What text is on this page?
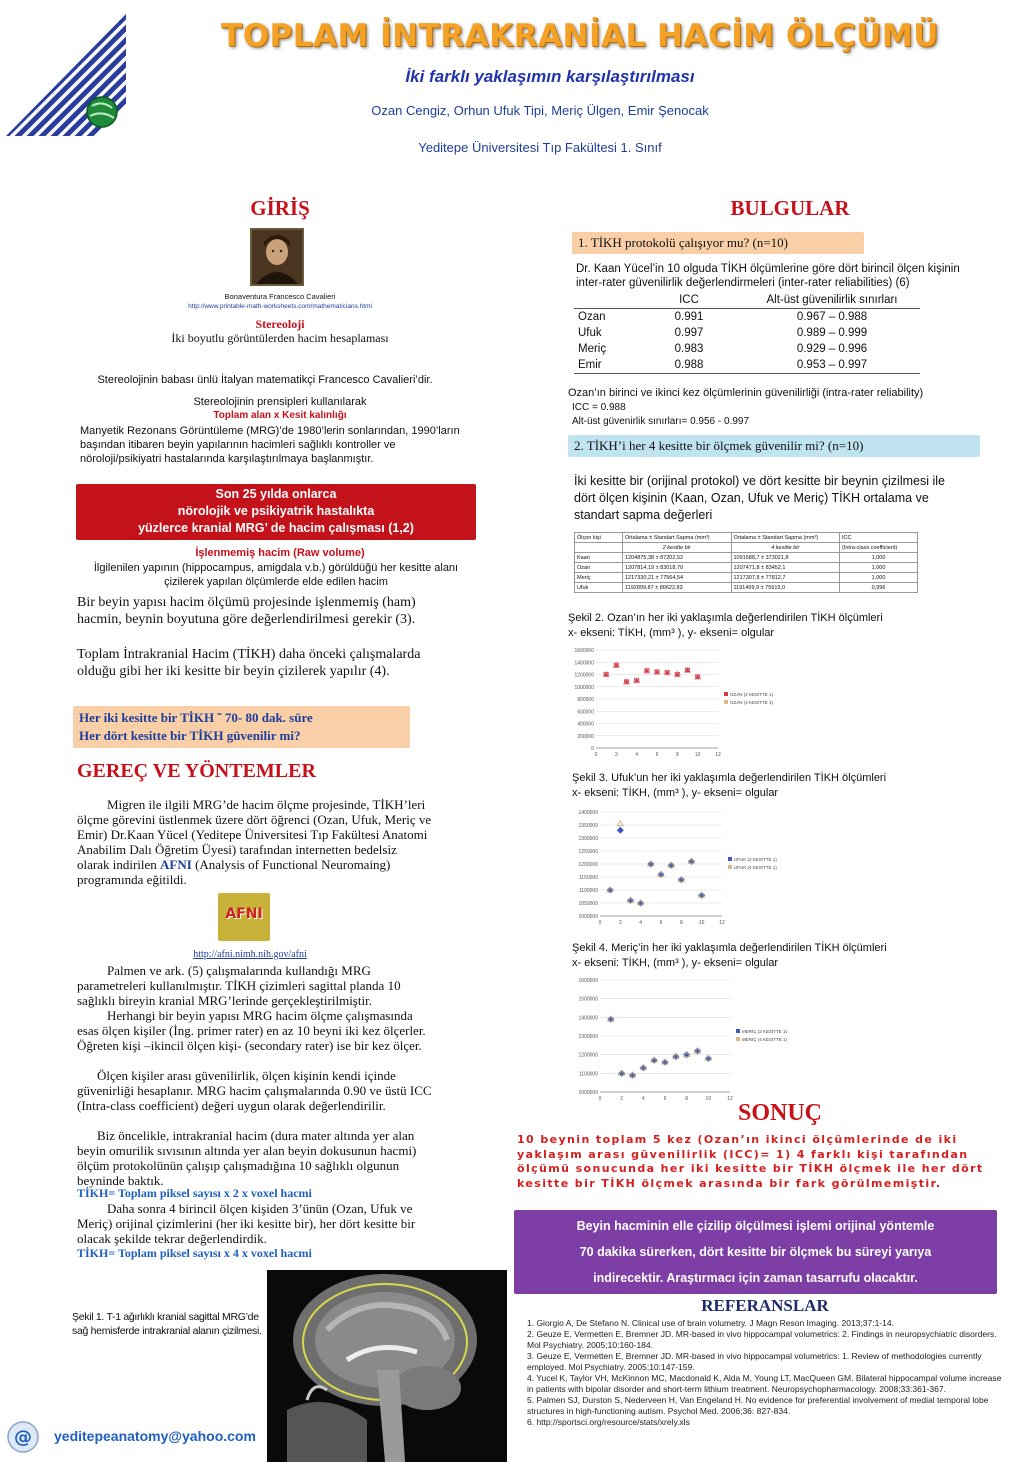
TOPLAM İNTRAKRANİAL HACİM ÖLÇÜMÜ
İki farklı yaklaşımın karşılaştırılması
Ozan Cengiz, Orhun Ufuk Tipi, Meriç Ülgen, Emir Şenocak
Yeditepe Üniversitesi Tıp Fakültesi 1. Sınıf
GİRİŞ
Bonaventura Francesco Cavalieri
http://www.printable-math-worksheets.com/mathematicians.html
Stereoloji
İki boyutlu görüntülerden hacim hesaplaması
Stereolojinin babası ünlü İtalyan matematikçi Francesco Cavalieri’dir.
Stereolojinin prensipleri kullanılarak
Toplam alan x Kesit kalınlığı
Manyetik Rezonans Görüntüleme (MRG)’de 1980’lerin sonlarından, 1990’ların başından itibaren beyin yapılarının hacimleri sağlıklı kontroller ve nöroloji/psikiyatri hastalarında karşılaştırılmaya başlanmıştır.
Son 25 yılda onlarca
nörolojik ve psikiyatrik hastalıkta
yüzlerce kranial MRG’ de hacim çalışması (1,2)
İşlenmemiş hacim (Raw volume)
İlgilenilen yapının (hippocampus, amigdala v.b.) görüldüğü her kesitte alanı çizilerek yapılan ölçümlerde elde edilen hacim
Bir beyin yapısı hacim ölçümü projesinde işlenmemiş (ham) hacmin, beynin boyutuna göre değerlendirilmesi gerekir (3).
Toplam İntrakranial Hacim (TİKH) daha önceki çalışmalarda olduğu gibi her iki kesitte bir beyin çizilerek yapılır (4).
Her iki kesitte bir TİKH ˜ 70- 80 dak. süre
Her dört kesitte bir TİKH güvenilir mi?
GEREÇ VE YÖNTEMLER
Migren ile ilgili MRG’de hacim ölçme projesinde, TİKH’leri ölçme görevini üstlenmek üzere dört öğrenci (Ozan, Ufuk, Meriç ve Emir) Dr.Kaan Yücel (Yeditepe Üniversitesi Tıp Fakültesi Anatomi Anabilim Dalı Öğretim Üyesi) tarafından internetten bedelsiz olarak indirilen AFNI (Analysis of Functional Neuromaing) programında eğitildi.
AFNI
http://afni.nimh.nih.gov/afni
Palmen ve ark. (5) çalışmalarında kullandığı MRG parametreleri kullanılmıştır. TİKH çizimleri sagittal planda 10 sağlıklı bireyin kranial MRG’lerinde gerçekleştirilmiştir.
Herhangi bir beyin yapısı MRG hacim ölçme çalışmasında esas ölçen kişiler (İng. primer rater) en az 10 beyni iki kez ölçerler. Öğreten kişi –ikincil ölçen kişi- (secondary rater) ise bir kez ölçer.
Ölçen kişiler arası güvenilirlik, ölçen kişinin kendi içinde güvenirliği hesaplanır. MRG hacim çalışmalarında 0.90 ve üstü ICC (Intra-class coefficient) değeri uygun olarak değerlendirilir.
Biz öncelikle, intrakranial hacim (dura mater altında yer alan beyin omurilik sıvısının altında yer alan beyin dokusunun hacmi) ölçüm protokolünün çalışıp çalışmadığına 10 sağlıklı olgunun beyninde baktık.
TİKH= Toplam piksel sayısı x 2 x voxel hacmi
Daha sonra 4 birincil ölçen kişiden 3’ünün (Ozan, Ufuk ve Meriç) orijinal çizimlerini (her iki kesitte bir), her dört kesitte bir olacak şekilde tekrar değerlendirdik.
TİKH= Toplam piksel sayısı x 4 x voxel hacmi
Şekil 1. T-1 ağırlıklı kranial sagittal MRG’de sağ hemisferde intrakranial alanın çizilmesi.
@ yeditepeanatomy@yahoo.com
BULGULAR
1. TİKH protokolü çalışıyor mu? (n=10)
Dr. Kaan Yücel’in 10 olguda TİKH ölçümlerine göre dört birincil ölçen kişinin inter-rater güvenilirlik değerlendirmeleri (inter-rater reliabilities) (6)
	ICC	Alt-üst güvenilirlik sınırları
Ozan	0.991	0.967 – 0.988
Ufuk	0.997	0.989 – 0.999
Meriç	0.983	0.929 – 0.996
Emir	0.988	0.953 – 0.997
Ozan’ın birinci ve ikinci kez ölçümlerinin güvenilirliği (intra-rater reliability)
ICC = 0.988
Alt-üst güvenirlik sınırları= 0.956 - 0.997
2. TİKH’i her 4 kesitte bir ölçmek güvenilir mi? (n=10)
İki kesitte bir (orijinal protokol) ve dört kesitte bir beynin çizilmesi ile dört ölçen kişinin (Kaan, Ozan, Ufuk ve Meriç) TİKH ortalama ve standart sapma değerleri
Ölçen kişi	Ortalama ± Standart Sapma (mm³)	Ortalama ± Standart Sapma (mm³)	ICC
	2 kesitte bir	4 kesitte bir	(Intra-class coefficient)
Kaan	1204875,38 ± 87202,52	1091588,7 ± 373021,8	1,000
Ozan	1207814,19 ± 83018,70	1207471,8 ± 83452,1	1,000
Meriç	1217330,21 ± 77564,54	1217307,8 ± 77812,7	1,000
Ufuk	1192899,87 ± 80622,83	1191499,9 ± 75919,0	0,996
Şekil 2. Ozan’ın her iki yaklaşımla değerlendirilen TİKH ölçümleri
x- ekseni: TİKH, (mm³ ), y- ekseni= olgular
1600000
1400000
1200000
1000000
800000
600000
400000
200000
0
0	2	4	6	8	10	12
OZAN (2 KESİTTE 1)
OZAN (4 KESİTTE 1)
Şekil 3. Ufuk’un her iki yaklaşımla değerlendirilen TİKH ölçümleri
x- ekseni: TİKH, (mm³ ), y- ekseni= olgular
1400000
1350000
1300000
1250000
1200000
1150000
1100000
1050000
1000000
0	2	4	6	8	10	12
UFUK (2 KESİTTE 1)
UFUK (4 KESİTTE 1)
Şekil 4. Meriç’in her iki yaklaşımla değerlendirilen TİKH ölçümleri
x- ekseni: TİKH, (mm³ ), y- ekseni= olgular
1600000
1500000
1400000
1300000
1200000
1100000
1000000
0	2	4	6	8	10	12
MERİÇ (2 KESİTTE 1)
MERİÇ (4 KESİTTE 1)
SONUÇ
10 beynin toplam 5 kez (Ozan’ın ikinci ölçümlerinde de iki yaklaşım arası güvenilirlik (ICC)= 1) 4 farklı kişi tarafından ölçümü sonucunda her iki kesitte bir TİKH ölçmek ile her dört kesitte bir TİKH ölçmek arasında bir fark görülmemiştir.
Beyin hacminin elle çizilip ölçülmesi işlemi orijinal yöntemle
70 dakika sürerken, dört kesitte bir ölçmek bu süreyi yarıya
indirecektir. Araştırmacı için zaman tasarrufu olacaktır.
REFERANSLAR
1. Giorgio A, De Stefano N. Clinical use of brain volumetry. J Magn Reson Imaging. 2013;37:1-14.
2. Geuze E, Vermetten E, Bremner JD. MR-based in vivo hippocampal volumetrics: 2. Findings in neuropsychiatric disorders. Mol Psychiatry. 2005;10:160-184.
3. Geuze E, Vermetten E, Bremner JD. MR-based in vivo hippocampal volumetrics: 1. Review of methodologies currently employed. Mol Psychiatry. 2005;10:147-159.
4. Yucel K, Taylor VH, McKinnon MC, Macdonald K, Alda M, Young LT, MacQueen GM. Bilateral hippocampal volume increase in patients with bipolar disorder and short-term lithium treatment. Neuropsychopharmacology. 2008;33:361-367.
5. Palmen SJ, Durston S, Nederveen H, Van Engeland H. No evidence for preferential involvement of medial temporal lobe structures in high-functioning autism. Psychol Med. 2006;36: 827-834.
6. http://sportsci.org/resource/stats/xrely.xls
